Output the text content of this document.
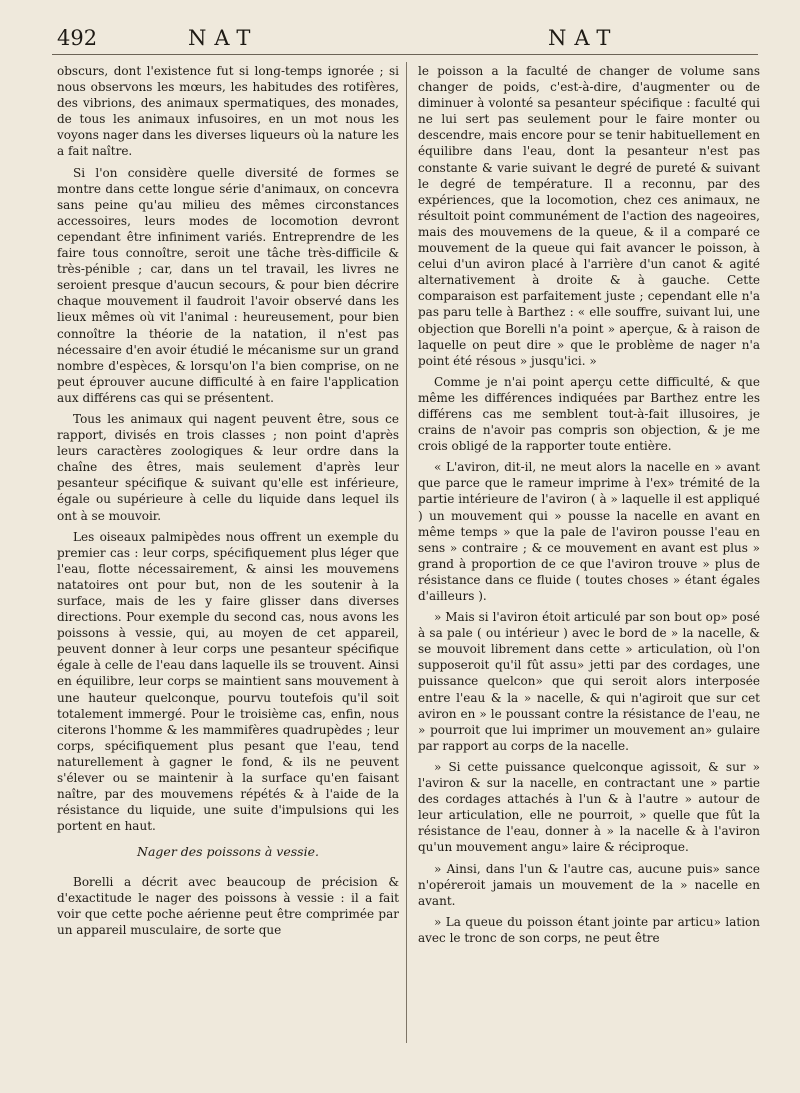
492	NAT	NAT

obscurs, dont l'existence fut si long-temps ignorée ; si nous observons les mœurs, les habitudes des rotifères, des vibrions, des animaux spermatiques, des monades, de tous les animaux infusoires, en un mot nous les voyons nager dans les diverses liqueurs où la nature les a fait naître.

Si l'on considère quelle diversité de formes se montre dans cette longue série d'animaux, on concevra sans peine qu'au milieu des mêmes circonstances accessoires, leurs modes de locomotion devront cependant être infiniment variés. Entreprendre de les faire tous connoître, seroit une tâche très-difficile & très-pénible ; car, dans un tel travail, les livres ne seroient presque d'aucun secours, & pour bien décrire chaque mouvement il faudroit l'avoir observé dans les lieux mêmes où vit l'animal : heureusement, pour bien connoître la théorie de la natation, il n'est pas nécessaire d'en avoir étudié le mécanisme sur un grand nombre d'espèces, & lorsqu'on l'a bien comprise, on ne peut éprouver aucune difficulté à en faire l'application aux différens cas qui se présentent.

Tous les animaux qui nagent peuvent être, sous ce rapport, divisés en trois classes ; non point d'après leurs caractères zoologiques & leur ordre dans la chaîne des êtres, mais seulement d'après leur pesanteur spécifique & suivant qu'elle est inférieure, égale ou supérieure à celle du liquide dans lequel ils ont à se mouvoir.

Les oiseaux palmipèdes nous offrent un exemple du premier cas : leur corps, spécifiquement plus léger que l'eau, flotte nécessairement, & ainsi les mouvemens natatoires ont pour but, non de les soutenir à la surface, mais de les y faire glisser dans diverses directions. Pour exemple du second cas, nous avons les poissons à vessie, qui, au moyen de cet appareil, peuvent donner à leur corps une pesanteur spécifique égale à celle de l'eau dans laquelle ils se trouvent. Ainsi en équilibre, leur corps se maintient sans mouvement à une hauteur quelconque, pourvu toutefois qu'il soit totalement immergé. Pour le troisième cas, enfin, nous citerons l'homme & les mammifères quadrupèdes ; leur corps, spécifiquement plus pesant que l'eau, tend naturellement à gagner le fond, & ils ne peuvent s'élever ou se maintenir à la surface qu'en faisant naître, par des mouvemens répétés & à l'aide de la résistance du liquide, une suite d'impulsions qui les portent en haut.

Nager des poissons à vessie.

Borelli a décrit avec beaucoup de précision & d'exactitude le nager des poissons à vessie : il a fait voir que cette poche aérienne peut être comprimée par un appareil musculaire, de sorte que

le poisson a la faculté de changer de volume sans changer de poids, c'est-à-dire, d'augmenter ou de diminuer à volonté sa pesanteur spécifique : faculté qui ne lui sert pas seulement pour le faire monter ou descendre, mais encore pour se tenir habituellement en équilibre dans l'eau, dont la pesanteur n'est pas constante & varie suivant le degré de pureté & suivant le degré de température. Il a reconnu, par des expériences, que la locomotion, chez ces animaux, ne résultoit point communément de l'action des nageoires, mais des mouvemens de la queue, & il a comparé ce mouvement de la queue qui fait avancer le poisson, à celui d'un aviron placé à l'arrière d'un canot & agité alternativement à droite & à gauche. Cette comparaison est parfaitement juste ; cependant elle n'a pas paru telle à Barthez : « elle souffre, suivant lui, une objection que Borelli n'a point » aperçue, & à raison de laquelle on peut dire » que le problème de nager n'a point été résous » jusqu'ici. »

Comme je n'ai point aperçu cette difficulté, & que même les différences indiquées par Barthez entre les différens cas me semblent tout-à-fait illusoires, je crains de n'avoir pas compris son objection, & je me crois obligé de la rapporter toute entière.

« L'aviron, dit-il, ne meut alors la nacelle en » avant que parce que le rameur imprime à l'ex» trémité de la partie intérieure de l'aviron ( à » laquelle il est appliqué ) un mouvement qui » pousse la nacelle en avant en même temps » que la pale de l'aviron pousse l'eau en sens » contraire ; & ce mouvement en avant est plus » grand à proportion de ce que l'aviron trouve » plus de résistance dans ce fluide ( toutes choses » étant égales d'ailleurs ).

» Mais si l'aviron étoit articulé par son bout op» posé à sa pale ( ou intérieur ) avec le bord de » la nacelle, & se mouvoit librement dans cette » articulation, où l'on supposeroit qu'il fût assu» jetti par des cordages, une puissance quelcon» que qui seroit alors interposée entre l'eau & la » nacelle, & qui n'agiroit que sur cet aviron en » le poussant contre la résistance de l'eau, ne » pourroit que lui imprimer un mouvement an» gulaire par rapport au corps de la nacelle.

» Si cette puissance quelconque agissoit, & sur » l'aviron & sur la nacelle, en contractant une » partie des cordages attachés à l'un & à l'autre » autour de leur articulation, elle ne pourroit, » quelle que fût la résistance de l'eau, donner à » la nacelle & à l'aviron qu'un mouvement angu» laire & réciproque.

» Ainsi, dans l'un & l'autre cas, aucune puis» sance n'opéreroit jamais un mouvement de la » nacelle en avant.

» La queue du poisson étant jointe par articu» lation avec le tronc de son corps, ne peut être
